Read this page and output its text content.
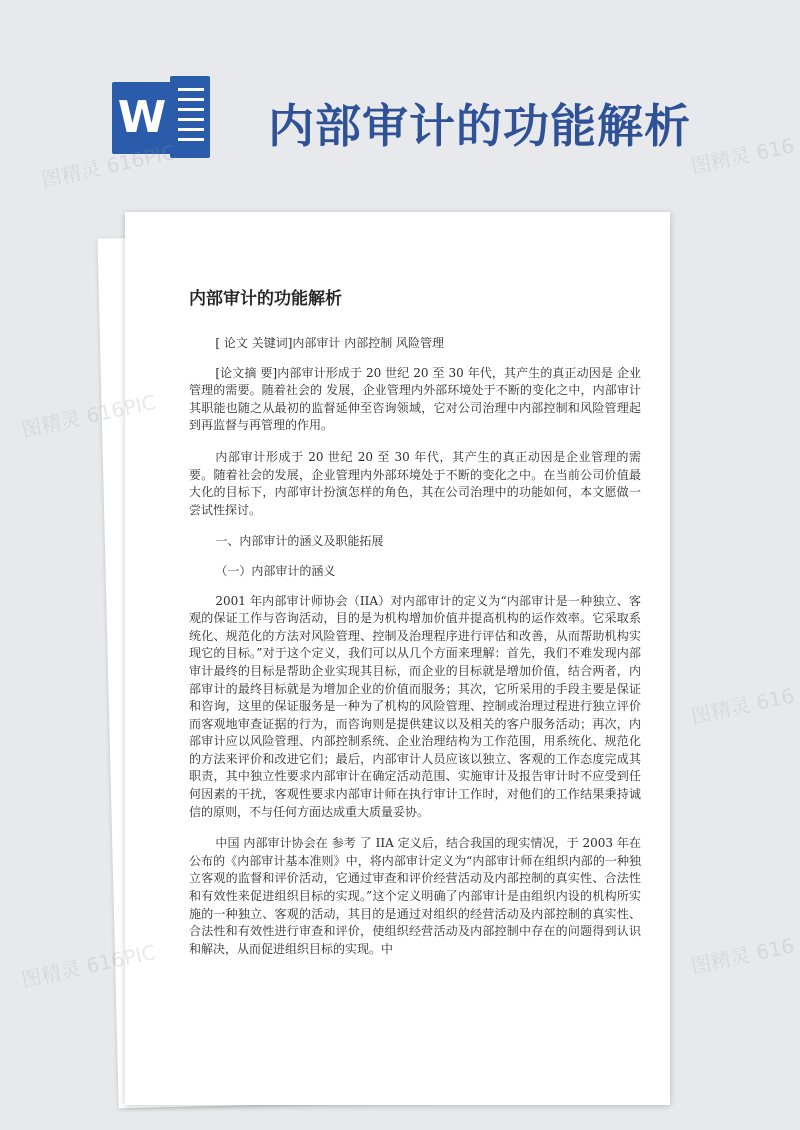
W 内部审计的功能解析
内部审计的功能解析

[ 论文 关键词]内部审计 内部控制 风险管理

[论文摘 要]内部审计形成于 20 世纪 20 至 30 年代，其产生的真正动因是 企业 管理的需要。随着社会的 发展，企业管理内外部环境处于不断的变化之中，内部审计其职能也随之从最初的监督延伸至咨询领域，它对公司治理中内部控制和风险管理起到再监督与再管理的作用。

内部审计形成于 20 世纪 20 至 30 年代，其产生的真正动因是企业管理的需要。随着社会的发展，企业管理内外部环境处于不断的变化之中。在当前公司价值最大化的目标下，内部审计扮演怎样的角色，其在公司治理中的功能如何，本文愿做一尝试性探讨。

一、内部审计的涵义及职能拓展

（一）内部审计的涵义

2001 年内部审计师协会（IIA）对内部审计的定义为“内部审计是一种独立、客观的保证工作与咨询活动，目的是为机构增加价值并提高机构的运作效率。它采取系统化、规范化的方法对风险管理、控制及治理程序进行评估和改善，从而帮助机构实现它的目标。”对于这个定义，我们可以从几个方面来理解：首先，我们不难发现内部审计最终的目标是帮助企业实现其目标，而企业的目标就是增加价值，结合两者，内部审计的最终目标就是为增加企业的价值而服务；其次，它所采用的手段主要是保证和咨询，这里的保证服务是一种为了机构的风险管理、控制或治理过程进行独立评价而客观地审查证据的行为，而咨询则是提供建议以及相关的客户服务活动；再次，内部审计应以风险管理、内部控制系统、企业治理结构为工作范围，用系统化、规范化的方法来评价和改进它们；最后，内部审计人员应该以独立、客观的工作态度完成其职责，其中独立性要求内部审计在确定活动范围、实施审计及报告审计时不应受到任何因素的干扰，客观性要求内部审计师在执行审计工作时，对他们的工作结果秉持诚信的原则，不与任何方面达成重大质量妥协。

中国 内部审计协会在 参考 了 IIA 定义后，结合我国的现实情况，于 2003 年在公布的《内部审计基本准则》中，将内部审计定义为“内部审计师在组织内部的一种独立客观的监督和评价活动，它通过审查和评价经营活动及内部控制的真实性、合法性和有效性来促进组织目标的实现。”这个定义明确了内部审计是由组织内设的机构所实施的一种独立、客观的活动，其目的是通过对组织的经营活动及内部控制的真实性、合法性和有效性进行审查和评价，使组织经营活动及内部控制中存在的问题得到认识和解决，从而促进组织目标的实现。中

图精灵 616PIC	图精灵 616
图精灵 616PIC
图精灵 616
图精灵 616PIC	图精灵 616
